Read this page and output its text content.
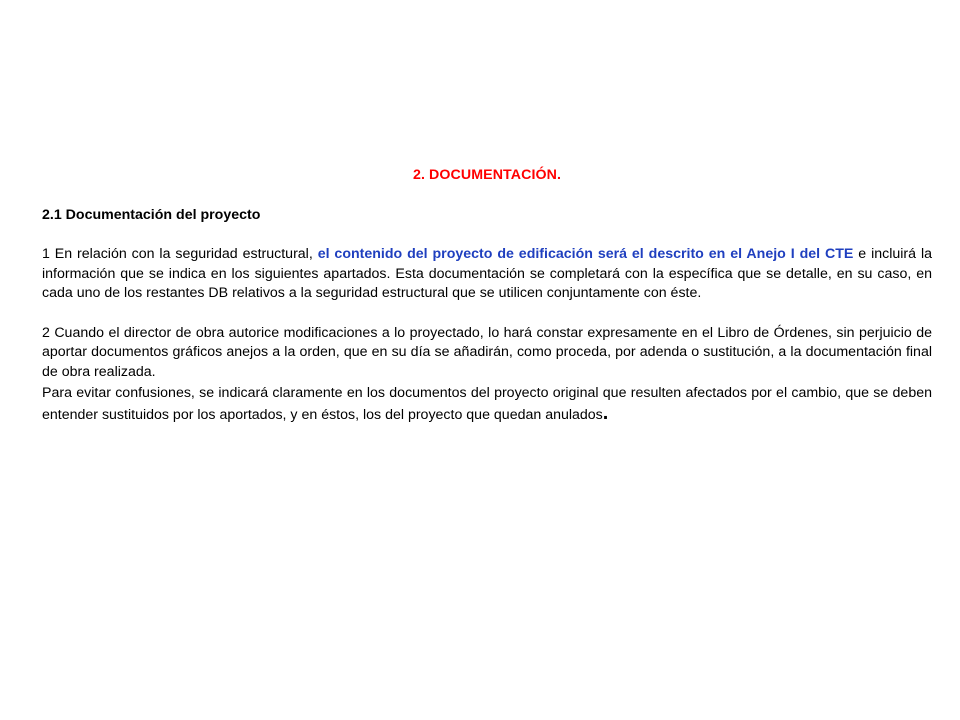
2. DOCUMENTACIÓN.
2.1 Documentación del proyecto

1 En relación con la seguridad estructural, el contenido del proyecto de edificación será el descrito en el Anejo I del CTE e incluirá la información que se indica en los siguientes apartados. Esta documentación se completará con la específica que se detalle, en su caso, en cada uno de los restantes DB relativos a la seguridad estructural que se utilicen conjuntamente con éste.

2 Cuando el director de obra autorice modificaciones a lo proyectado, lo hará constar expresamente en el Libro de Órdenes, sin perjuicio de aportar documentos gráficos anejos a la orden, que en su día se añadirán, como proceda, por adenda o sustitución, a la documentación final de obra realizada.

Para evitar confusiones, se indicará claramente en los documentos del proyecto original que resulten afectados por el cambio, que se deben entender sustituidos por los aportados, y en éstos, los del proyecto que quedan anulados.
